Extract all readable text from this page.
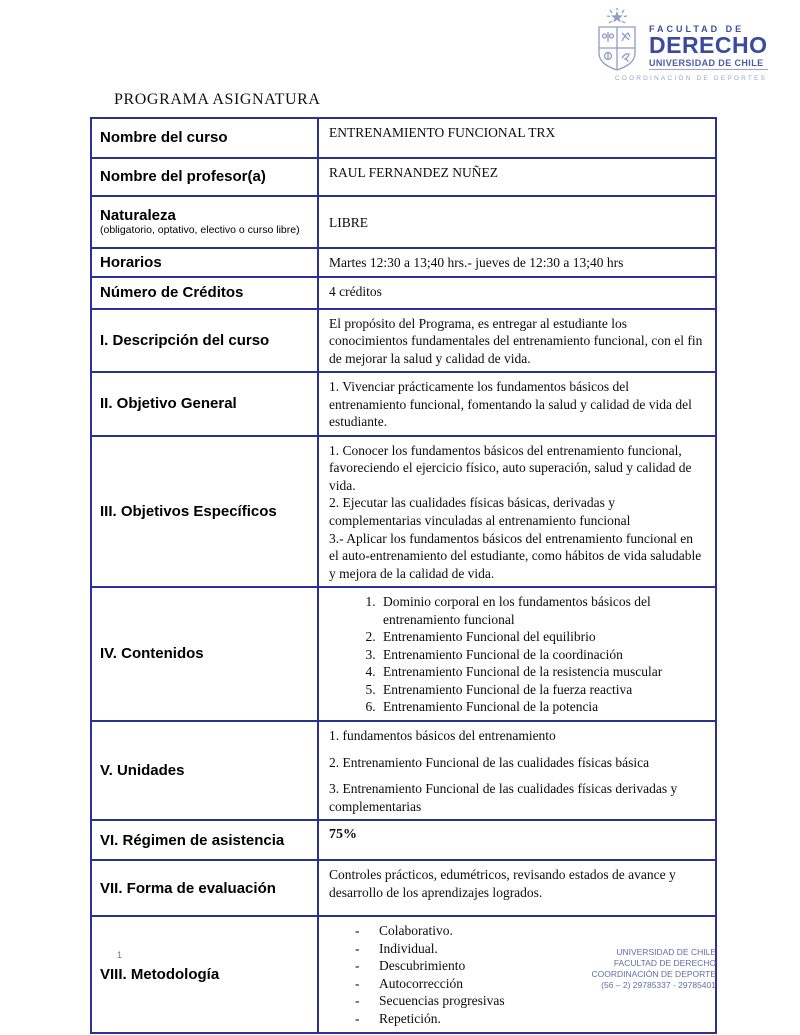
FACULTAD DE
DERECHO
UNIVERSIDAD DE CHILE
COORDINACIÓN DE DEPORTES
PROGRAMA ASIGNATURA
Nombre del curso	ENTRENAMIENTO FUNCIONAL TRX

Nombre del profesor(a)	RAUL FERNANDEZ NUÑEZ

Naturaleza
(obligatorio, optativo, electivo o curso libre)	LIBRE

Horarios	Martes 12:30 a 13;40 hrs.- jueves de 12:30 a 13;40 hrs

Número de Créditos	4 créditos

I. Descripción del curso	El propósito del Programa, es entregar al estudiante los conocimientos fundamentales del entrenamiento funcional, con el fin de mejorar la salud y calidad de vida.

II. Objetivo General	1. Vivenciar prácticamente los fundamentos básicos del entrenamiento funcional, fomentando la salud y calidad de vida del estudiante.

III. Objetivos Específicos	1. Conocer los fundamentos básicos del entrenamiento funcional, favoreciendo el ejercicio físico, auto superación, salud y calidad de vida.
2. Ejecutar las cualidades físicas básicas, derivadas y complementarias vinculadas al entrenamiento funcional
3.- Aplicar los fundamentos básicos del entrenamiento funcional en el auto-entrenamiento del estudiante, como hábitos de vida saludable y mejora de la calidad de vida.

IV. Contenidos

1. Dominio corporal en los fundamentos básicos del entrenamiento funcional
2. Entrenamiento Funcional del equilibrio
3. Entrenamiento Funcional de la coordinación
4. Entrenamiento Funcional de la resistencia muscular
5. Entrenamiento Funcional de la fuerza reactiva
6. Entrenamiento Funcional de la potencia

V. Unidades	1. fundamentos básicos del entrenamiento
2. Entrenamiento Funcional de las cualidades físicas básica
3. Entrenamiento Funcional de las cualidades físicas derivadas y complementarias

VI. Régimen de asistencia	75%

VII. Forma de evaluación	Controles prácticos, edumétricos, revisando estados de avance y desarrollo de los aprendizajes logrados.

VIII. Metodología

-	Colaborativo.
-	Individual.
-	Descubrimiento
-	Autocorrección
-	Secuencias progresivas
-	Repetición.
1	UNIVERSIDAD DE CHILE
FACULTAD DE DERECHO
COORDINACIÓN DE DEPORTE
(56 – 2) 29785337 - 29785401
